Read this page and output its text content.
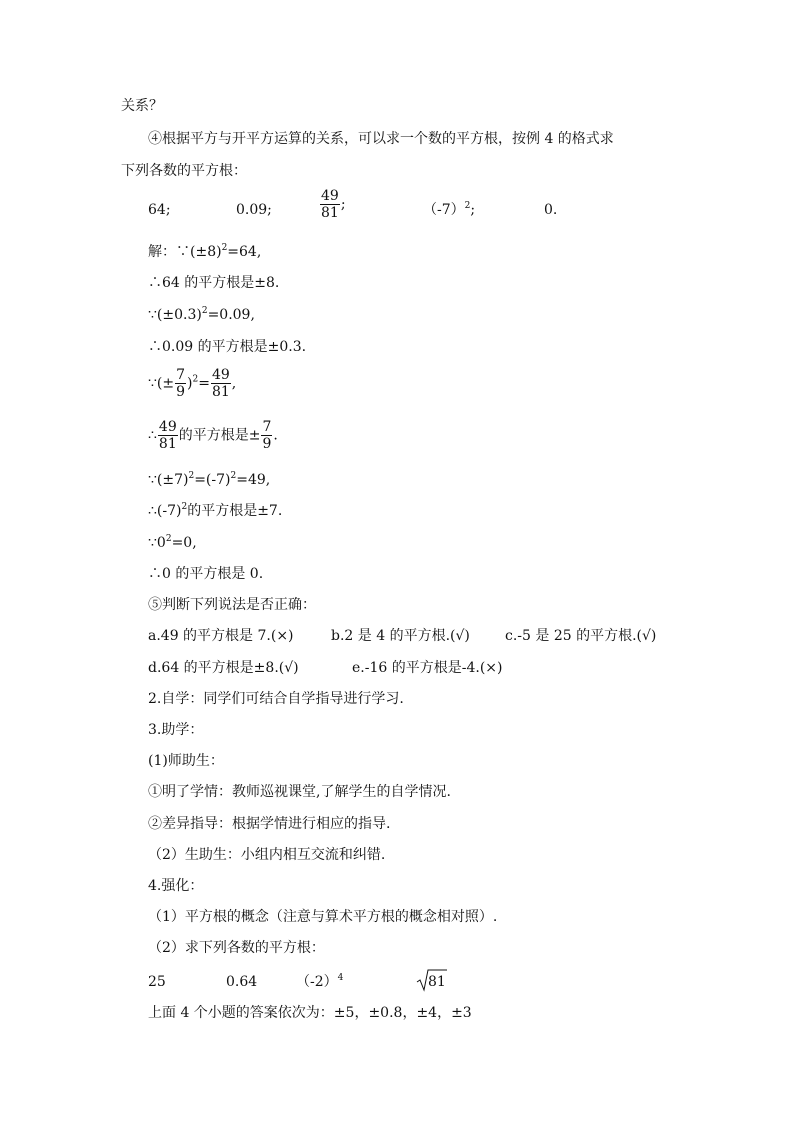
关系？
④根据平方与开平方运算的关系，可以求一个数的平方根，按例 4 的格式求
下列各数的平方根：
64;	0.09;	$\frac{49}{81}$ ;	$(-7)^2$;	0.
解：$\because(\pm 8)^2=64$,
∴64 的平方根是±8.
$\because(\pm 0.3)^2=0.09$,
∴0.09 的平方根是±0.3.
∵(± $\frac{7}{9} )^2= \frac{49}{81}$ ,
∴ $\frac{49}{81}$ 的平方根是± $\frac{7}{9}$ .
$\because(\pm 7)^2=(-7)^2=49$,
$\therefore(-7)^2$的平方根是±7.
$\because 0^2=0$,
∴0 的平方根是 0.
⑤判断下列说法是否正确：
a.49 的平方根是 7.(×)	b.2 是 4 的平方根.(√)	c.-5 是 25 的平方根.(√)
d.64 的平方根是±8.(√)	e.-16 的平方根是-4.(×)
2.自学：同学们可结合自学指导进行学习.
3.助学：
(1)师助生：
①明了学情：教师巡视课堂,了解学生的自学情况.
②差异指导：根据学情进行相应的指导.
（2）生助生：小组内相互交流和纠错.
4.强化：
（1）平方根的概念（注意与算术平方根的概念相对照）.
（2）求下列各数的平方根：
25	0.64	$(-2)^4$	81
上面 4 个小题的答案依次为：±5，±0.8，±4，±3
